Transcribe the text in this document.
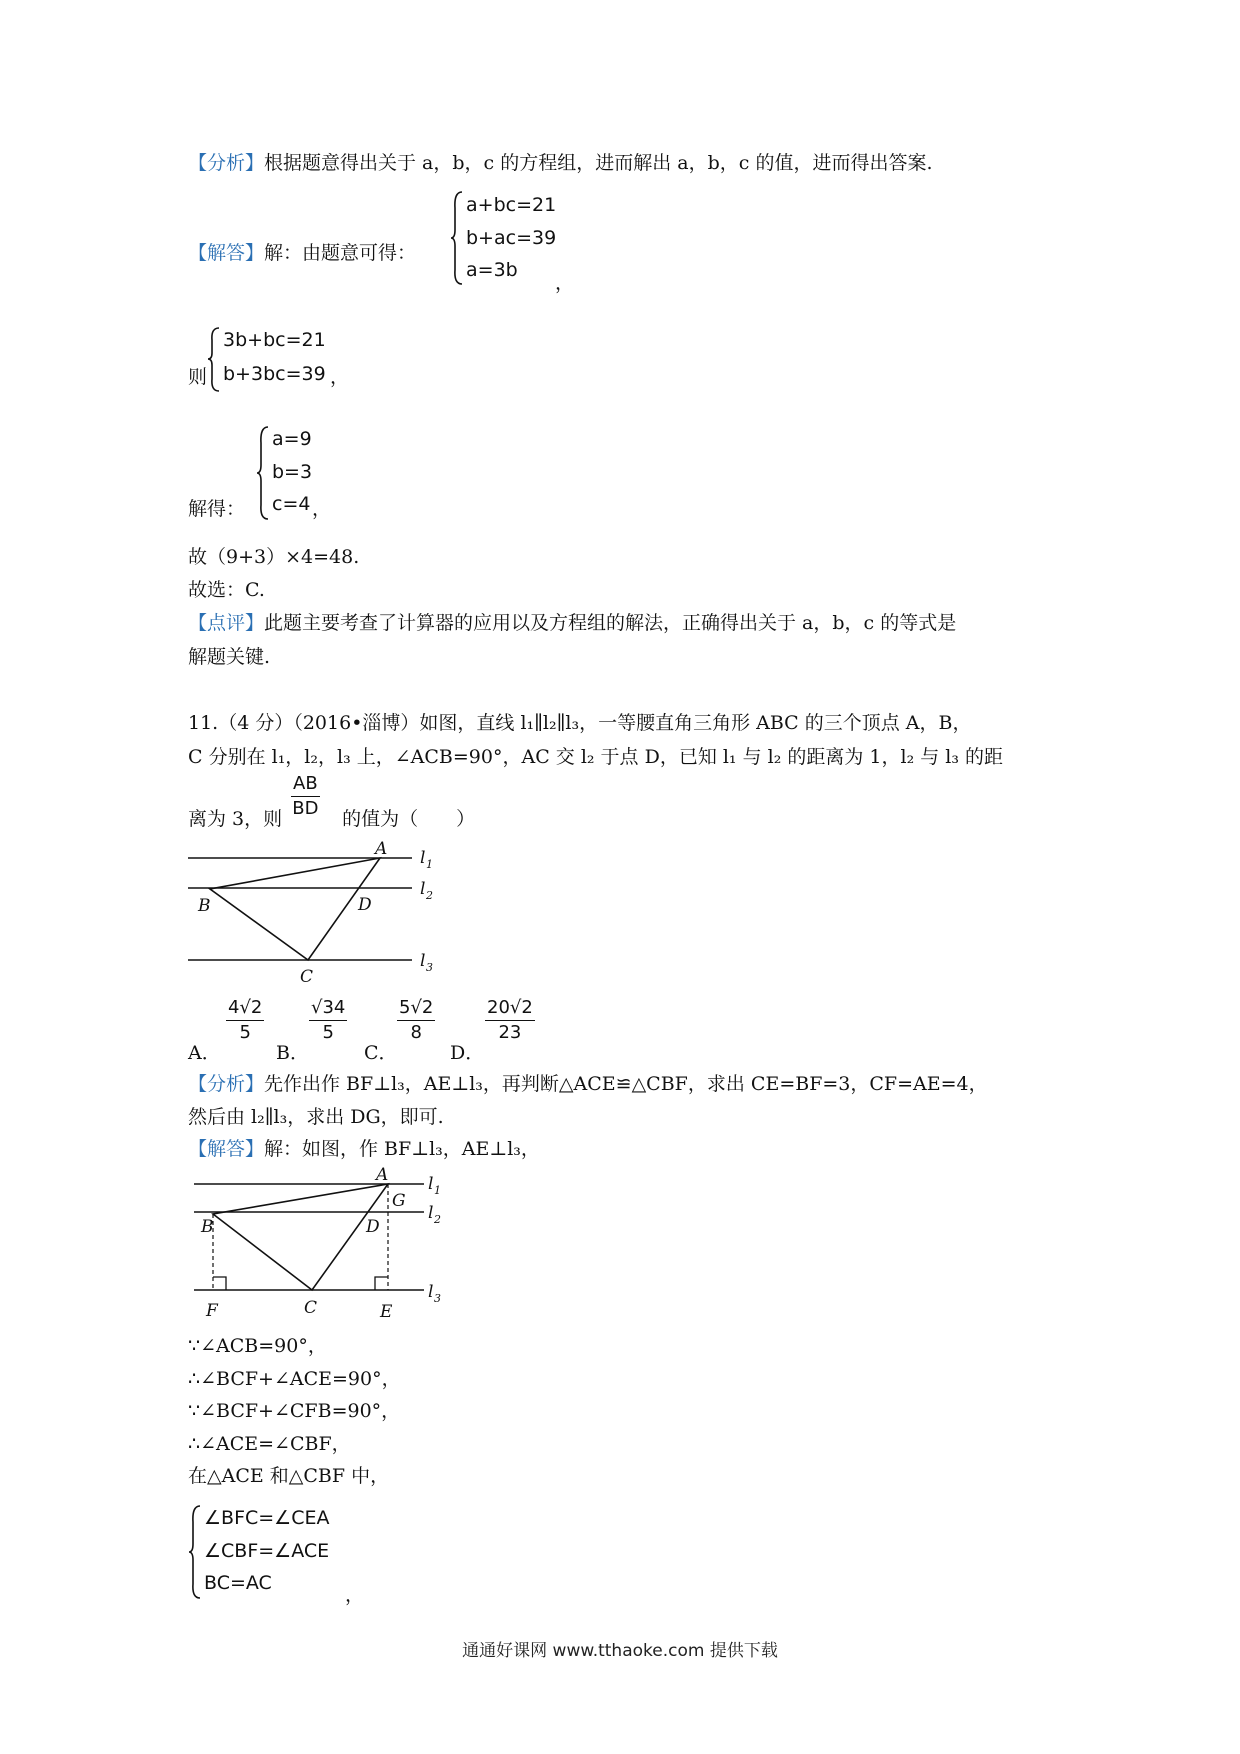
【分析】根据题意得出关于 a，b，c 的方程组，进而解出 a，b，c 的值，进而得出答案.
【解答】解：由题意可得：
a+bc=21
b+ac=39
a=3b
，
则
3b+bc=21
b+3bc=39 ，
解得：
a=9
b=3
c=4 ，
故（9+3）×4=48.
故选：C.
【点评】此题主要考查了计算器的应用以及方程组的解法，正确得出关于 a，b，c 的等式是
解题关键.
11.（4 分）（2016•淄博）如图，直线 l₁∥l₂∥l₃，一等腰直角三角形 ABC 的三个顶点 A，B，
C 分别在 l₁，l₂，l₃ 上，∠ACB=90°，AC 交 l₂ 于点 D，已知 l₁ 与 l₂ 的距离为 1，l₂ 与 l₃ 的距
离为 3，则	的值为（　　）
$\frac{AB}{BD}$
A
B
C
D
l
l
l
1
2
3
A．
$\frac{4√2}{5}$
B．
$\frac{√34}{5}$
C．
$\frac{5√2}{8}$
D．
$\frac{20√2}{23}$
【分析】先作出作 BF⊥l₃，AE⊥l₃，再判断△ACE≌△CBF，求出 CE=BF=3，CF=AE=4，
然后由 l₂∥l₃，求出 DG，即可.
【解答】解：如图，作 BF⊥l₃，AE⊥l₃，
A
B
C
D
E
F
G
l
l
l
1
2
3
∵∠ACB=90°，
∴∠BCF+∠ACE=90°，
∵∠BCF+∠CFB=90°，
∴∠ACE=∠CBF，
在△ACE 和△CBF 中，
∠BFC=∠CEA
∠CBF=∠ACE
BC=AC
，
通通好课网 www.tthaoke.com 提供下载
